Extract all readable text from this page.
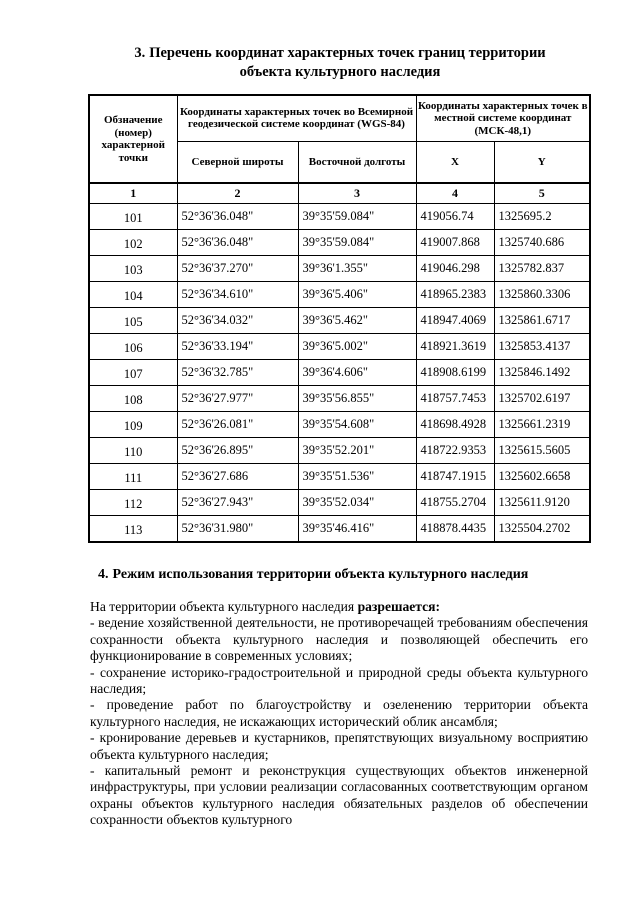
3. Перечень координат характерных точек границ территории
объекта культурного наследия
Обзначение (номер) характерной точки	Координаты характерных точек во Всемирной геодезической системе координат (WGS-84)		Координаты характерных точек в местной системе координат (МСК-48,1)	
	Северной широты	Восточной долготы	X	Y
1	2	3	4	5
101	52°36'36.048"	39°35'59.084"	419056.74	1325695.2
102	52°36'36.048"	39°35'59.084"	419007.868	1325740.686
103	52°36'37.270"	39°36'1.355"	419046.298	1325782.837
104	52°36'34.610"	39°36'5.406"	418965.2383	1325860.3306
105	52°36'34.032"	39°36'5.462"	418947.4069	1325861.6717
106	52°36'33.194"	39°36'5.002"	418921.3619	1325853.4137
107	52°36'32.785"	39°36'4.606"	418908.6199	1325846.1492
108	52°36'27.977"	39°35'56.855"	418757.7453	1325702.6197
109	52°36'26.081"	39°35'54.608"	418698.4928	1325661.2319
110	52°36'26.895"	39°35'52.201"	418722.9353	1325615.5605
111	52°36'27.686	39°35'51.536"	418747.1915	1325602.6658
112	52°36'27.943"	39°35'52.034"	418755.2704	1325611.9120
113	52°36'31.980"	39°35'46.416"	418878.4435	1325504.2702
4. Режим использования территории объекта культурного наследия

На территории объекта культурного наследия разрешается:

- ведение хозяйственной деятельности, не противоречащей требованиям обеспечения сохранности объекта культурного наследия и позволяющей обеспечить его функционирование в современных условиях;

- сохранение историко-градостроительной и природной среды объекта культурного наследия;

- проведение работ по благоустройству и озеленению территории объекта культурного наследия, не искажающих исторический облик ансамбля;

- кронирование деревьев и кустарников, препятствующих визуальному восприятию объекта культурного наследия;

- капитальный ремонт и реконструкция существующих объектов инженерной инфраструктуры, при условии реализации согласованных соответствующим органом охраны объектов культурного наследия обязательных разделов об обеспечении сохранности объектов культурного
